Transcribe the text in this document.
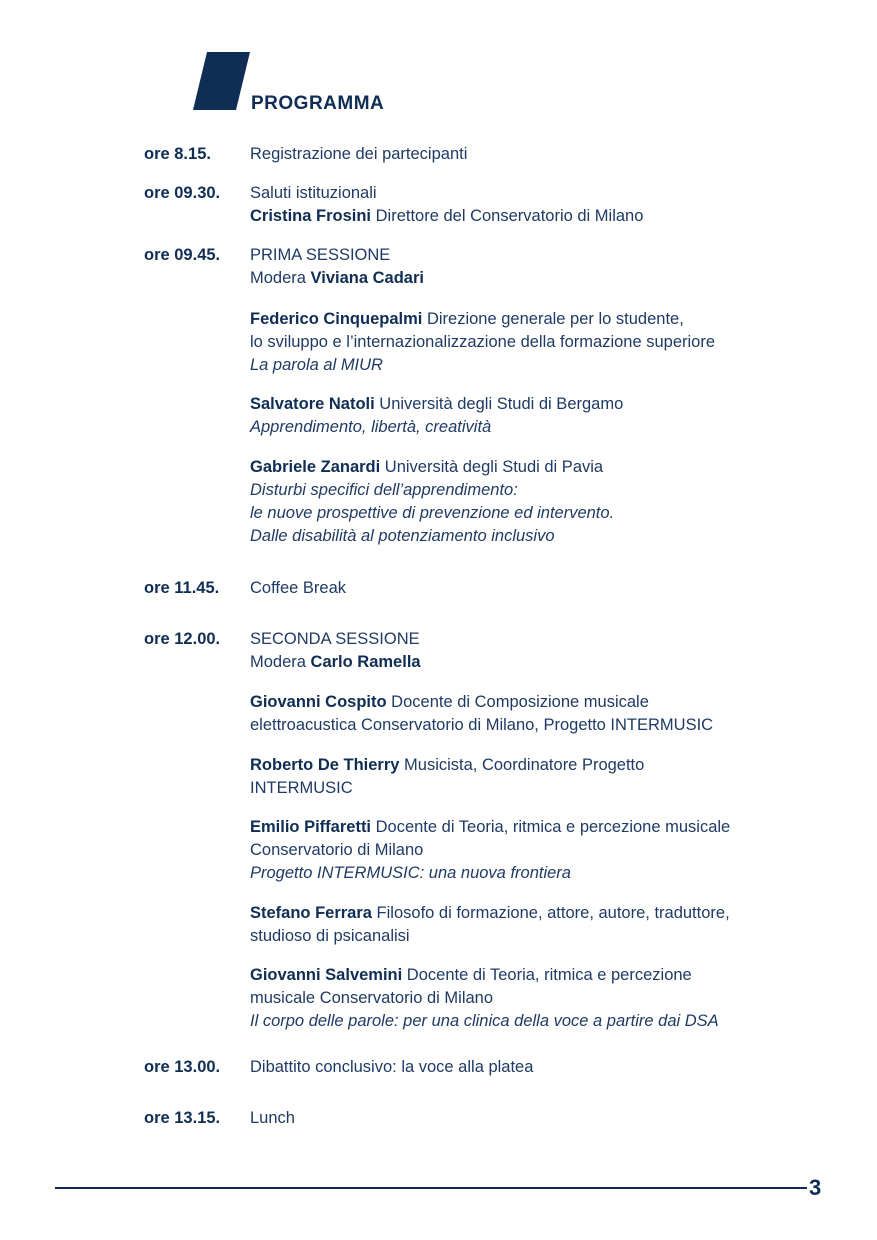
PROGRAMMA
ore 8.15. Registrazione dei partecipanti
ore 09.30. Saluti istituzionali
Cristina Frosini Direttore del Conservatorio di Milano
ore 09.45. PRIMA SESSIONE
Modera Viviana Cadari
Federico Cinquepalmi Direzione generale per lo studente,
lo sviluppo e l’internazionalizzazione della formazione superiore
La parola al MIUR
Salvatore Natoli Università degli Studi di Bergamo
Apprendimento, libertà, creatività
Gabriele Zanardi Università degli Studi di Pavia
Disturbi specifici dell’apprendimento:
le nuove prospettive di prevenzione ed intervento.
Dalle disabilità al potenziamento inclusivo
ore 11.45. Coffee Break
ore 12.00. SECONDA SESSIONE
Modera Carlo Ramella
Giovanni Cospito Docente di Composizione musicale
elettroacustica Conservatorio di Milano, Progetto INTERMUSIC
Roberto De Thierry Musicista, Coordinatore Progetto
INTERMUSIC
Emilio Piffaretti Docente di Teoria, ritmica e percezione musicale
Conservatorio di Milano
Progetto INTERMUSIC: una nuova frontiera
Stefano Ferrara Filosofo di formazione, attore, autore, traduttore,
studioso di psicanalisi
Giovanni Salvemini Docente di Teoria, ritmica e percezione
musicale Conservatorio di Milano
Il corpo delle parole: per una clinica della voce a partire dai DSA
ore 13.00. Dibattito conclusivo: la voce alla platea
ore 13.15. Lunch
3
